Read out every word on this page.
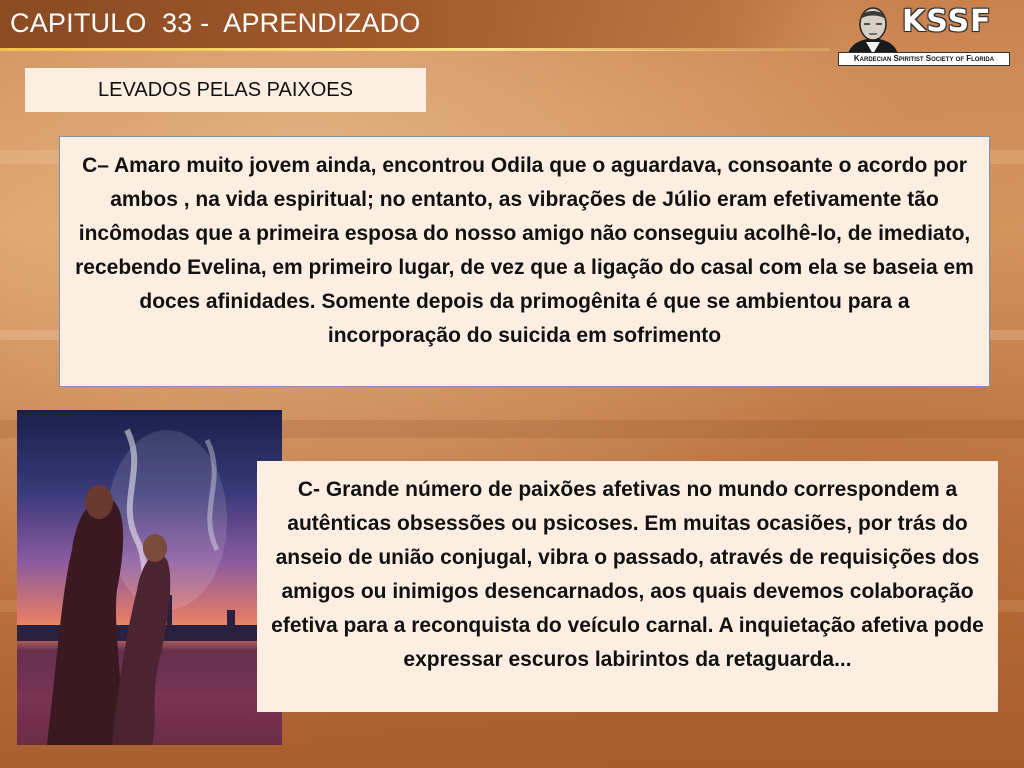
CAPITULO  33 -  APRENDIZADO	KSSF
Kardecian Spiritist Society of Florida
LEVADOS PELAS PAIXOES
C– Amaro muito jovem ainda, encontrou Odila que o aguardava, consoante o acordo por ambos , na vida espiritual; no entanto, as vibrações de Júlio eram efetivamente tão incômodas que a primeira esposa do nosso amigo não conseguiu acolhê-lo, de imediato, recebendo Evelina, em primeiro lugar, de vez que a ligação do casal com ela se baseia em doces afinidades. Somente depois da primogênita é que se ambientou para a incorporação do suicida em sofrimento
C- Grande número de paixões afetivas no mundo correspondem a autênticas obsessões ou psicoses. Em muitas ocasiões, por trás do anseio de união conjugal, vibra o passado, através de requisições dos amigos ou inimigos desencarnados, aos quais devemos colaboração efetiva para a reconquista do veículo carnal. A inquietação afetiva pode expressar escuros labirintos da retaguarda...
